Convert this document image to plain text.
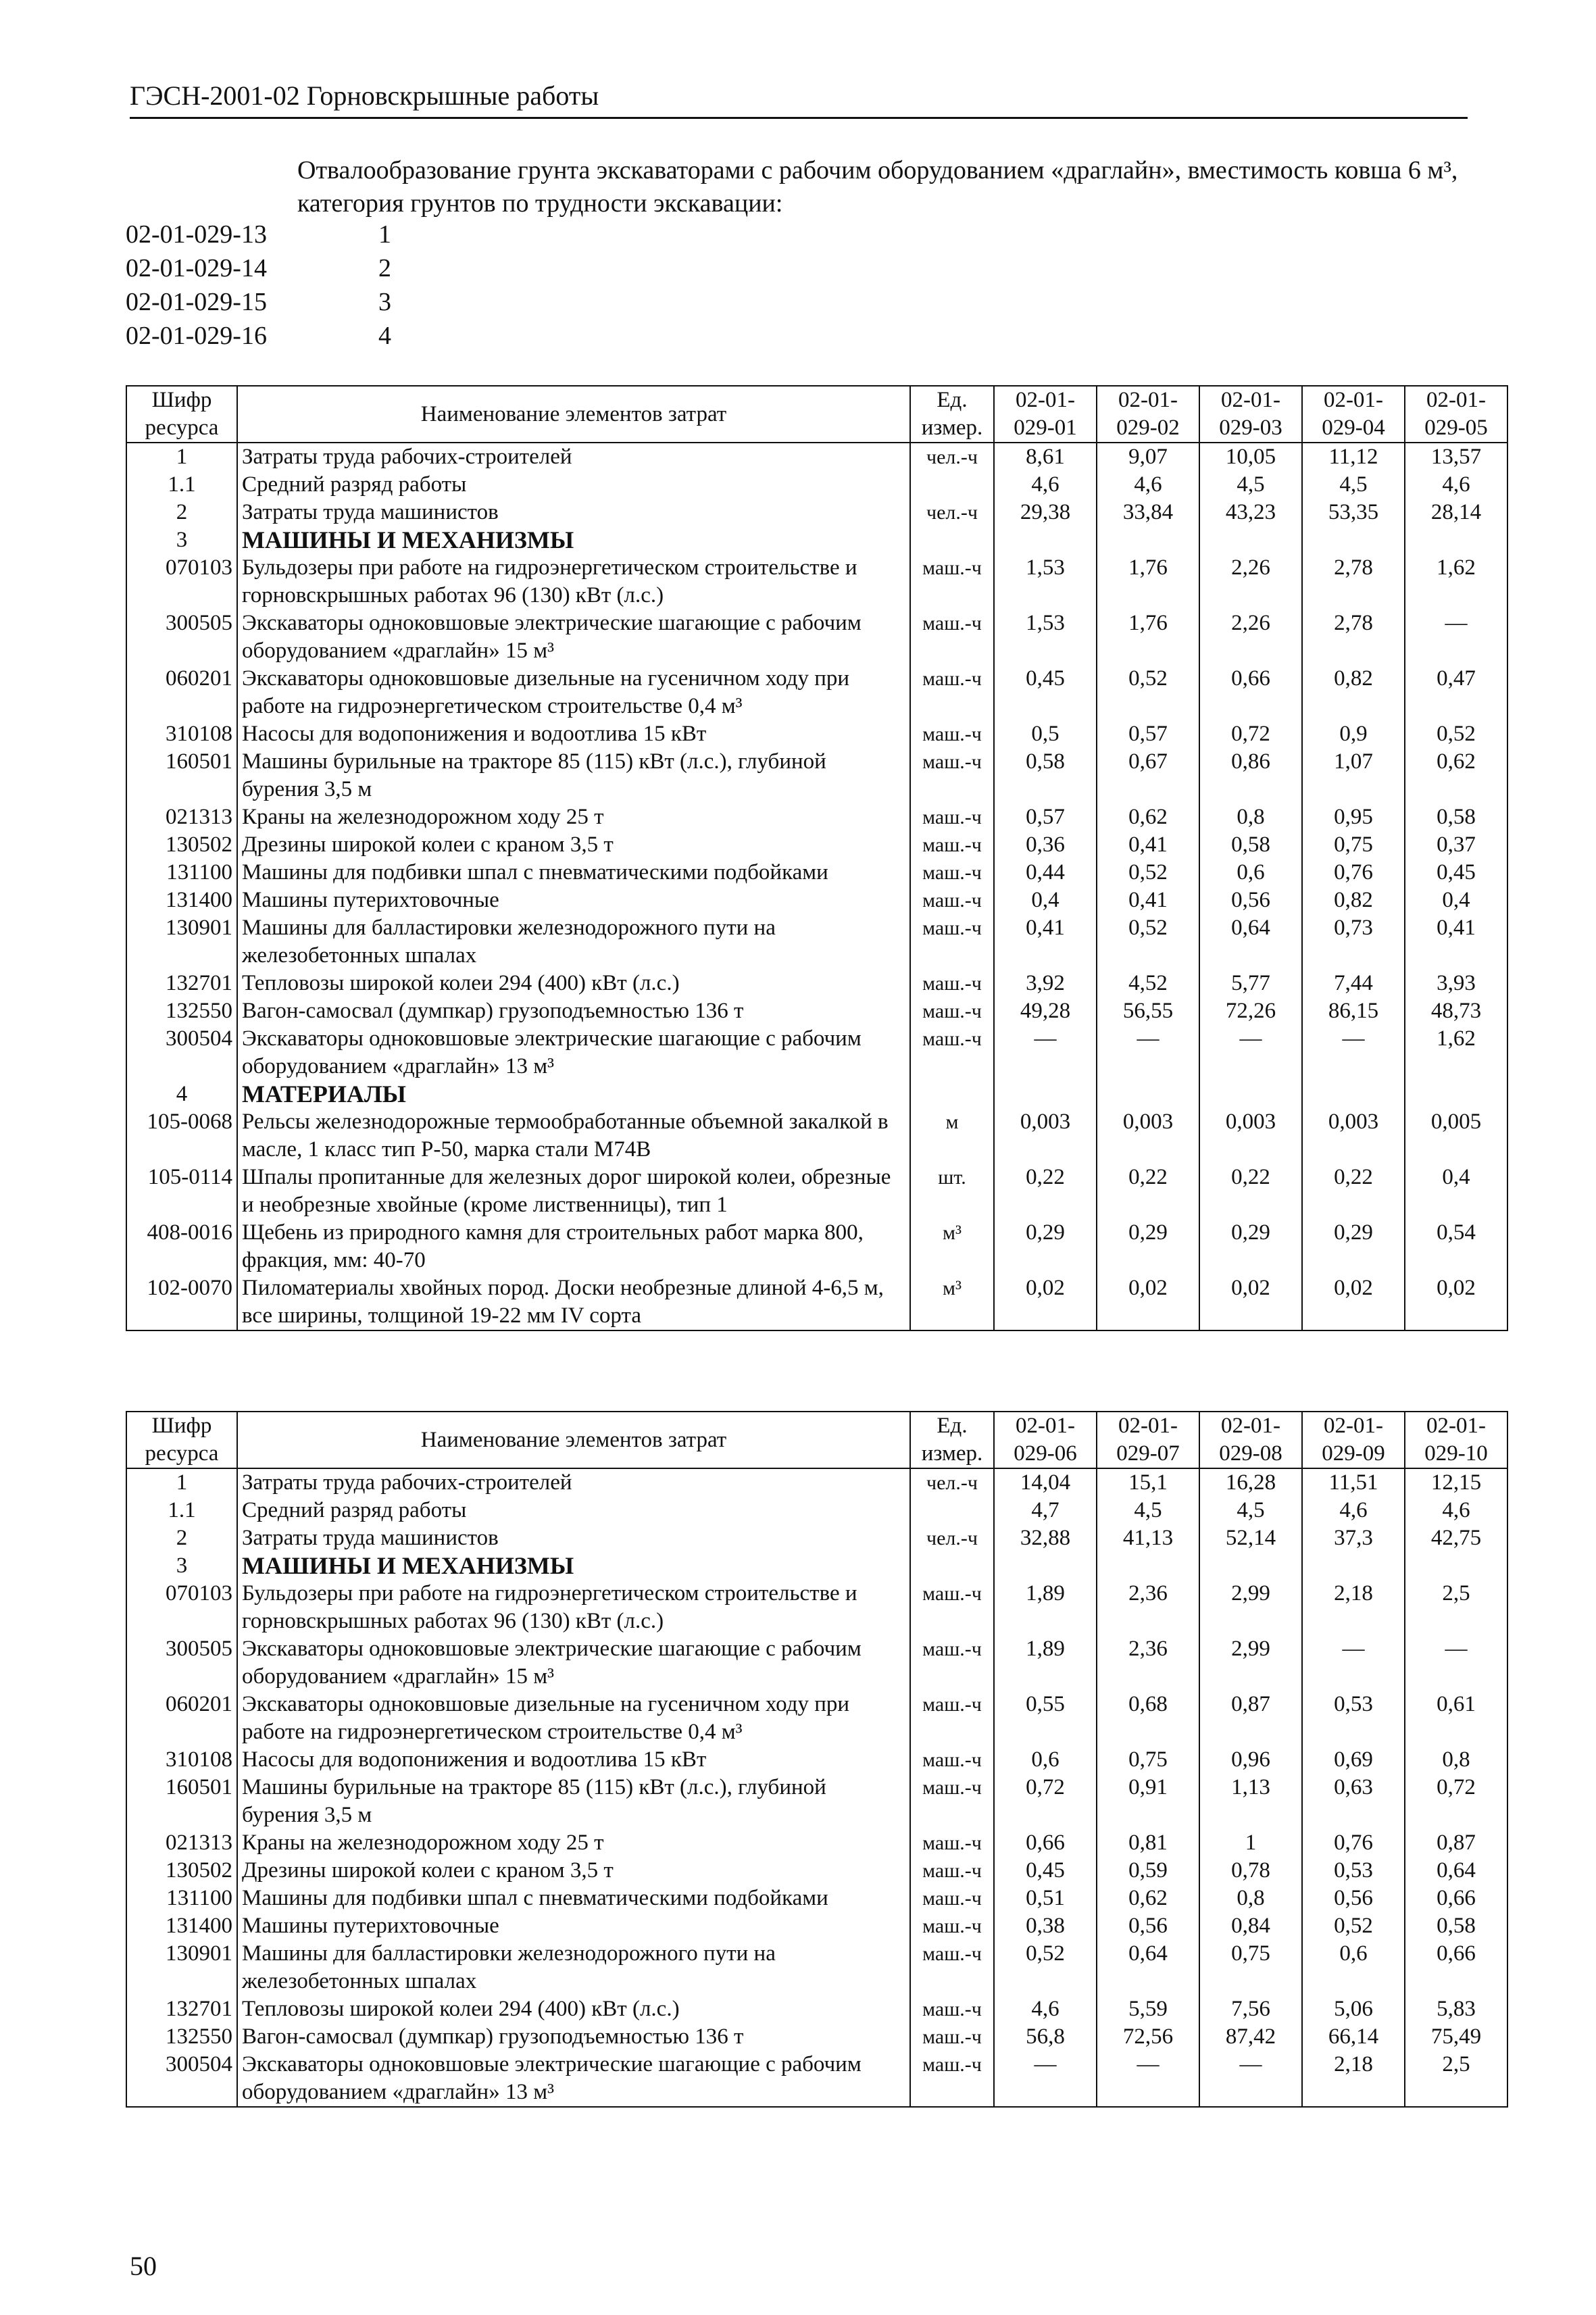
ГЭСН-2001-02 Горновскрышные работы
Отвалообразование грунта экскаваторами с рабочим оборудованием «драглайн», вместимость ковша 6 м³, категория грунтов по трудности экскавации:
02-01-029-13	1
02-01-029-14	2
02-01-029-15	3
02-01-029-16	4
Шифр ресурса	Наименование элементов затрат	Ед. измер.	02-01-029-01	02-01-029-02	02-01-029-03	02-01-029-04	02-01-029-05
1	Затраты труда рабочих-строителей	чел.-ч	8,61	9,07	10,05	11,12	13,57
1.1	Средний разряд работы		4,6	4,6	4,5	4,5	4,6
2	Затраты труда машинистов	чел.-ч	29,38	33,84	43,23	53,35	28,14
3	МАШИНЫ И МЕХАНИЗМЫ						
070103	Бульдозеры при работе на гидроэнергетическом строительстве и горновскрышных работах 96 (130) кВт (л.с.)	маш.-ч	1,53	1,76	2,26	2,78	1,62
300505	Экскаваторы одноковшовые электрические шагающие с рабочим оборудованием «драглайн» 15 м³	маш.-ч	1,53	1,76	2,26	2,78	—
060201	Экскаваторы одноковшовые дизельные на гусеничном ходу при работе на гидроэнергетическом строительстве 0,4 м³	маш.-ч	0,45	0,52	0,66	0,82	0,47
310108	Насосы для водопонижения и водоотлива 15 кВт	маш.-ч	0,5	0,57	0,72	0,9	0,52
160501	Машины бурильные на тракторе 85 (115) кВт (л.с.), глубиной бурения 3,5 м	маш.-ч	0,58	0,67	0,86	1,07	0,62
021313	Краны на железнодорожном ходу 25 т	маш.-ч	0,57	0,62	0,8	0,95	0,58
130502	Дрезины широкой колеи с краном 3,5 т	маш.-ч	0,36	0,41	0,58	0,75	0,37
131100	Машины для подбивки шпал с пневматическими подбойками	маш.-ч	0,44	0,52	0,6	0,76	0,45
131400	Машины путерихтовочные	маш.-ч	0,4	0,41	0,56	0,82	0,4
130901	Машины для балластировки железнодорожного пути на железобетонных шпалах	маш.-ч	0,41	0,52	0,64	0,73	0,41
132701	Тепловозы широкой колеи 294 (400) кВт (л.с.)	маш.-ч	3,92	4,52	5,77	7,44	3,93
132550	Вагон-самосвал (думпкар) грузоподъемностью 136 т	маш.-ч	49,28	56,55	72,26	86,15	48,73
300504	Экскаваторы одноковшовые электрические шагающие с рабочим оборудованием «драглайн» 13 м³	маш.-ч	—	—	—	—	1,62
4	МАТЕРИАЛЫ						
105-0068	Рельсы железнодорожные термообработанные объемной закалкой в масле, 1 класс тип Р-50, марка стали М74В	м	0,003	0,003	0,003	0,003	0,005
105-0114	Шпалы пропитанные для железных дорог широкой колеи, обрезные и необрезные хвойные (кроме лиственницы), тип 1	шт.	0,22	0,22	0,22	0,22	0,4
408-0016	Щебень из природного камня для строительных работ марка 800, фракция, мм: 40-70	м³	0,29	0,29	0,29	0,29	0,54
102-0070	Пиломатериалы хвойных пород. Доски необрезные длиной 4-6,5 м, все ширины, толщиной 19-22 мм IV сорта	м³	0,02	0,02	0,02	0,02	0,02
Шифр ресурса	Наименование элементов затрат	Ед. измер.	02-01-029-06	02-01-029-07	02-01-029-08	02-01-029-09	02-01-029-10
1	Затраты труда рабочих-строителей	чел.-ч	14,04	15,1	16,28	11,51	12,15
1.1	Средний разряд работы		4,7	4,5	4,5	4,6	4,6
2	Затраты труда машинистов	чел.-ч	32,88	41,13	52,14	37,3	42,75
3	МАШИНЫ И МЕХАНИЗМЫ						
070103	Бульдозеры при работе на гидроэнергетическом строительстве и горновскрышных работах 96 (130) кВт (л.с.)	маш.-ч	1,89	2,36	2,99	2,18	2,5
300505	Экскаваторы одноковшовые электрические шагающие с рабочим оборудованием «драглайн» 15 м³	маш.-ч	1,89	2,36	2,99	—	—
060201	Экскаваторы одноковшовые дизельные на гусеничном ходу при работе на гидроэнергетическом строительстве 0,4 м³	маш.-ч	0,55	0,68	0,87	0,53	0,61
310108	Насосы для водопонижения и водоотлива 15 кВт	маш.-ч	0,6	0,75	0,96	0,69	0,8
160501	Машины бурильные на тракторе 85 (115) кВт (л.с.), глубиной бурения 3,5 м	маш.-ч	0,72	0,91	1,13	0,63	0,72
021313	Краны на железнодорожном ходу 25 т	маш.-ч	0,66	0,81	1	0,76	0,87
130502	Дрезины широкой колеи с краном 3,5 т	маш.-ч	0,45	0,59	0,78	0,53	0,64
131100	Машины для подбивки шпал с пневматическими подбойками	маш.-ч	0,51	0,62	0,8	0,56	0,66
131400	Машины путерихтовочные	маш.-ч	0,38	0,56	0,84	0,52	0,58
130901	Машины для балластировки железнодорожного пути на железобетонных шпалах	маш.-ч	0,52	0,64	0,75	0,6	0,66
132701	Тепловозы широкой колеи 294 (400) кВт (л.с.)	маш.-ч	4,6	5,59	7,56	5,06	5,83
132550	Вагон-самосвал (думпкар) грузоподъемностью 136 т	маш.-ч	56,8	72,56	87,42	66,14	75,49
300504	Экскаваторы одноковшовые электрические шагающие с рабочим оборудованием «драглайн» 13 м³	маш.-ч	—	—	—	2,18	2,5
50
